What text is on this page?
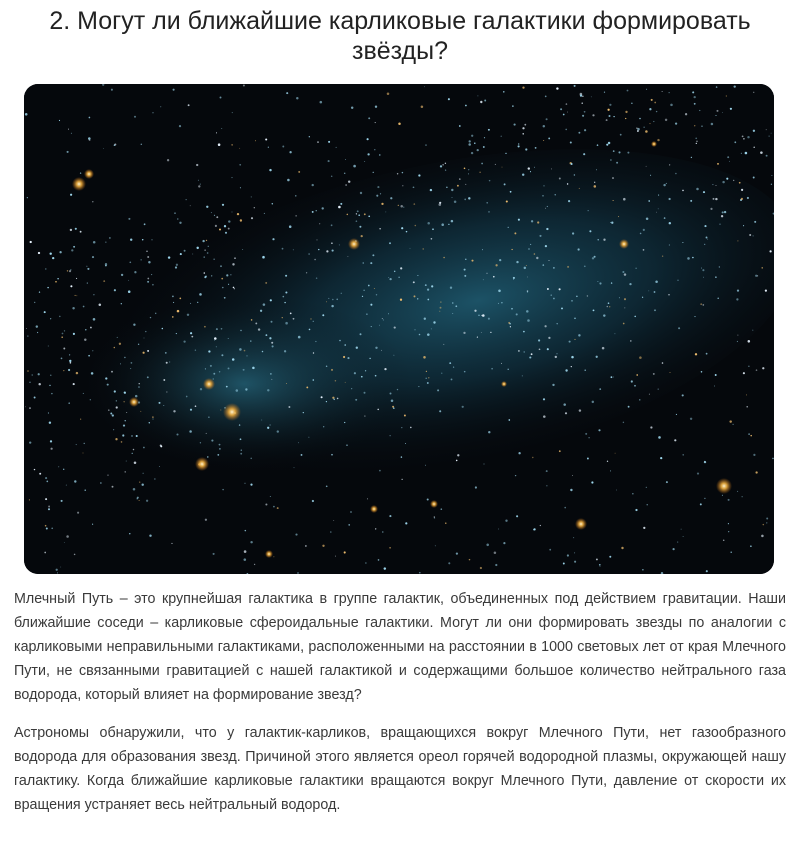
2. Могут ли ближайшие карликовые галактики формировать звёзды?

Млечный Путь – это крупнейшая галактика в группе галактик, объединенных под действием гравитации. Наши ближайшие соседи – карликовые сфероидальные галактики. Могут ли они формировать звезды по аналогии с карликовыми неправильными галактиками, расположенными на расстоянии в 1000 световых лет от края Млечного Пути, не связанными гравитацией с нашей галактикой и содержащими большое количество нейтрального газа водорода, который влияет на формирование звезд?

Астрономы обнаружили, что у галактик-карликов, вращающихся вокруг Млечного Пути, нет газообразного водорода для образования звезд. Причиной этого является ореол горячей водородной плазмы, окружающей нашу галактику. Когда ближайшие карликовые галактики вращаются вокруг Млечного Пути, давление от скорости их вращения устраняет весь нейтральный водород.
